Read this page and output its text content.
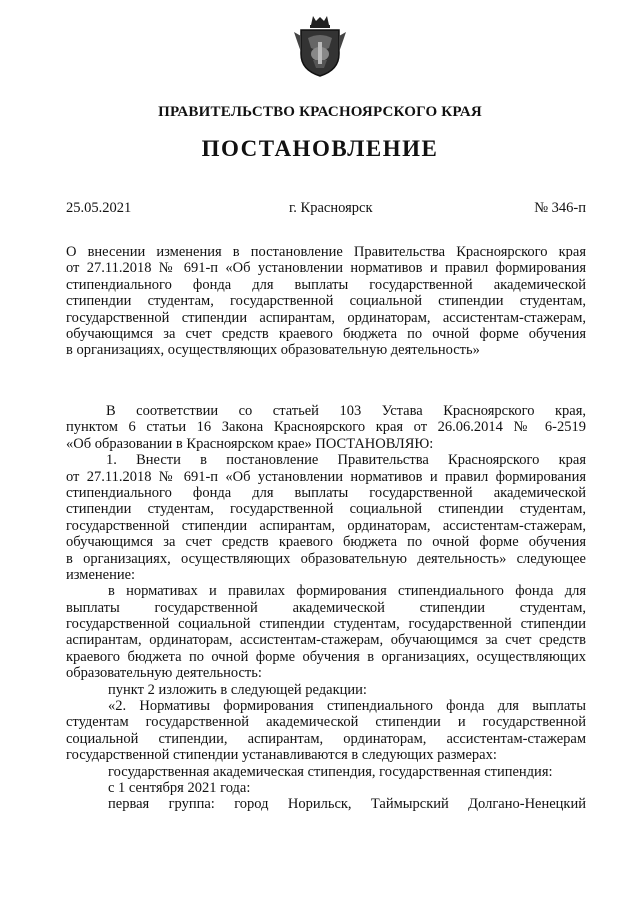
ПРАВИТЕЛЬСТВО КРАСНОЯРСКОГО КРАЯ
ПОСТАНОВЛЕНИЕ
25.05.2021	г. Красноярск	№ 346-п
О внесении изменения в постановление Правительства Красноярского края
от 27.11.2018 № 691-п «Об установлении нормативов и правил формирования
стипендиального фонда для выплаты государственной академической
стипендии студентам, государственной социальной стипендии студентам,
государственной стипендии аспирантам, ординаторам, ассистентам-стажерам,
обучающимся за счет средств краевого бюджета по очной форме обучения
в организациях, осуществляющих образовательную деятельность»
В соответствии со статьей 103 Устава Красноярского края,
пунктом 6 статьи 16 Закона Красноярского края от 26.06.2014 № 6-2519
«Об образовании в Красноярском крае» ПОСТАНОВЛЯЮ:
1. Внести в постановление Правительства Красноярского края
от 27.11.2018 № 691-п «Об установлении нормативов и правил формирования
стипендиального фонда для выплаты государственной академической
стипендии студентам, государственной социальной стипендии студентам,
государственной стипендии аспирантам, ординаторам, ассистентам-стажерам,
обучающимся за счет средств краевого бюджета по очной форме обучения
в организациях, осуществляющих образовательную деятельность» следующее
изменение:
в нормативах и правилах формирования стипендиального фонда для
выплаты государственной академической стипендии студентам,
государственной социальной стипендии студентам, государственной стипендии
аспирантам, ординаторам, ассистентам-стажерам, обучающимся за счет средств
краевого бюджета по очной форме обучения в организациях, осуществляющих
образовательную деятельность:
пункт 2 изложить в следующей редакции:
«2. Нормативы формирования стипендиального фонда для выплаты
студентам государственной академической стипендии и государственной
социальной стипендии, аспирантам, ординаторам, ассистентам-стажерам
государственной стипендии устанавливаются в следующих размерах:
государственная академическая стипендия, государственная стипендия:
с 1 сентября 2021 года:
первая группа: город Норильск, Таймырский Долгано-Ненецкий
